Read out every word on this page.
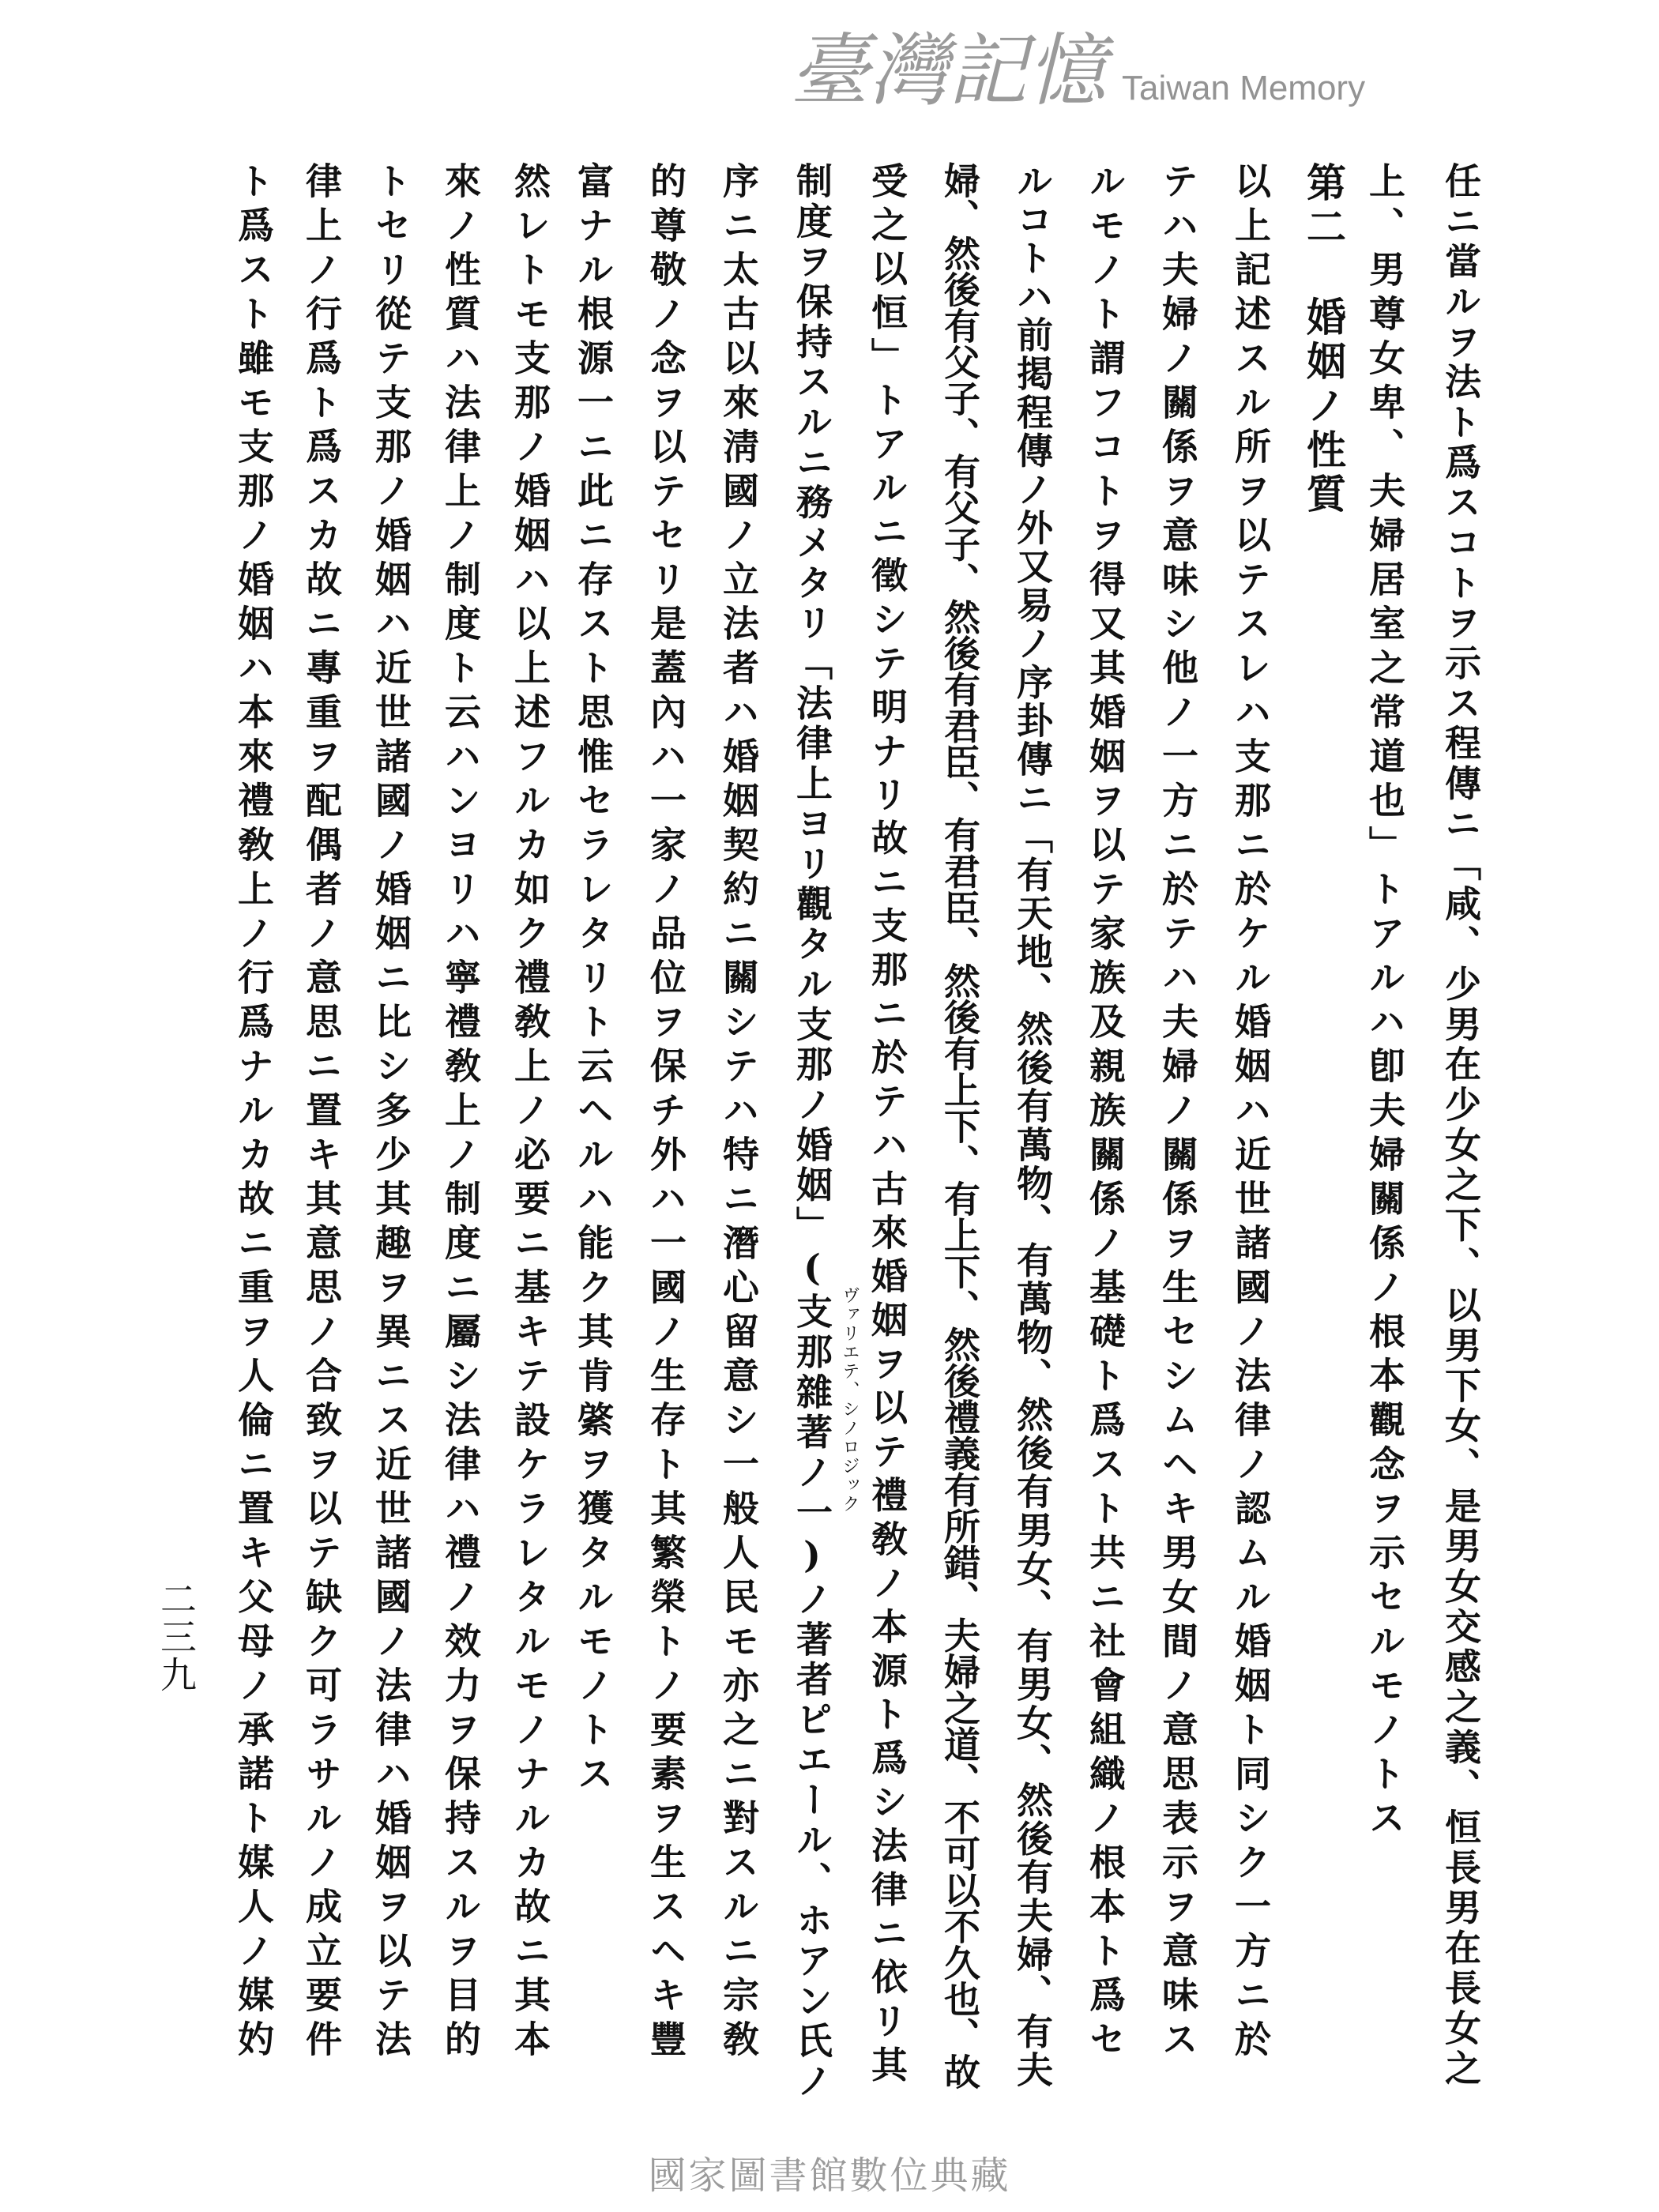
臺灣記憶 Taiwan Memory
任ニ當ルヲ法ト爲スコトヲ示ス程傳ニ「咸、少男在少女之下、以男下女、是男女交感之義、恒長男在長女之
上、男尊女卑、夫婦居室之常道也」トアルハ卽夫婦關係ノ根本觀念ヲ示セルモノトス
第二婚姻ノ性質
以上記述スル所ヲ以テスレハ支那ニ於ケル婚姻ハ近世諸國ノ法律ノ認ムル婚姻ト同シク一方ニ於
テハ夫婦ノ關係ヲ意味シ他ノ一方ニ於テハ夫婦ノ關係ヲ生セシムヘキ男女間ノ意思表示ヲ意味ス
ルモノト謂フコトヲ得又其婚姻ヲ以テ家族及親族關係ノ基礎ト爲スト共ニ社會組織ノ根本ト爲セ
ルコトハ前掲程傳ノ外又易ノ序卦傳ニ「有天地、然後有萬物、有萬物、然後有男女、有男女、然後有夫婦、有夫
婦、然後有父子、有父子、然後有君臣、有君臣、然後有上下、有上下、然後禮義有所錯、夫婦之道、不可以不久也、故
受之以恒」トアルニ徵シテ明ナリ故ニ支那ニ於テハ古來婚姻ヲ以テ禮敎ノ本源ト爲シ法律ニ依リ其
制度ヲ保持スルニ務メタリ「法律上ヨリ觀タル支那ノ婚姻」(支那雜著ノ一)ノ著者ピエール、ホアン氏ノ ヴァリエテ、シノロジック
序ニ太古以來淸國ノ立法者ハ婚姻契約ニ關シテハ特ニ潛心留意シ一般人民モ亦之ニ對スルニ宗敎
的尊敬ノ念ヲ以テセリ是蓋內ハ一家ノ品位ヲ保チ外ハ一國ノ生存ト其繁榮トノ要素ヲ生スヘキ豐
富ナル根源一ニ此ニ存スト思惟セラレタリト云ヘルハ能ク其肯綮ヲ獲タルモノトス
然レトモ支那ノ婚姻ハ以上述フルカ如ク禮敎上ノ必要ニ基キテ設ケラレタルモノナルカ故ニ其本
來ノ性質ハ法律上ノ制度ト云ハンヨリハ寧禮敎上ノ制度ニ屬シ法律ハ禮ノ效力ヲ保持スルヲ目的
トセリ從テ支那ノ婚姻ハ近世諸國ノ婚姻ニ比シ多少其趣ヲ異ニス近世諸國ノ法律ハ婚姻ヲ以テ法
律上ノ行爲ト爲スカ故ニ專重ヲ配偶者ノ意思ニ置キ其意思ノ合致ヲ以テ缺ク可ラサルノ成立要件
ト爲スト雖モ支那ノ婚姻ハ本來禮敎上ノ行爲ナルカ故ニ重ヲ人倫ニ置キ父母ノ承諾ト媒人ノ媒妁
二三九
國家圖書館數位典藏
